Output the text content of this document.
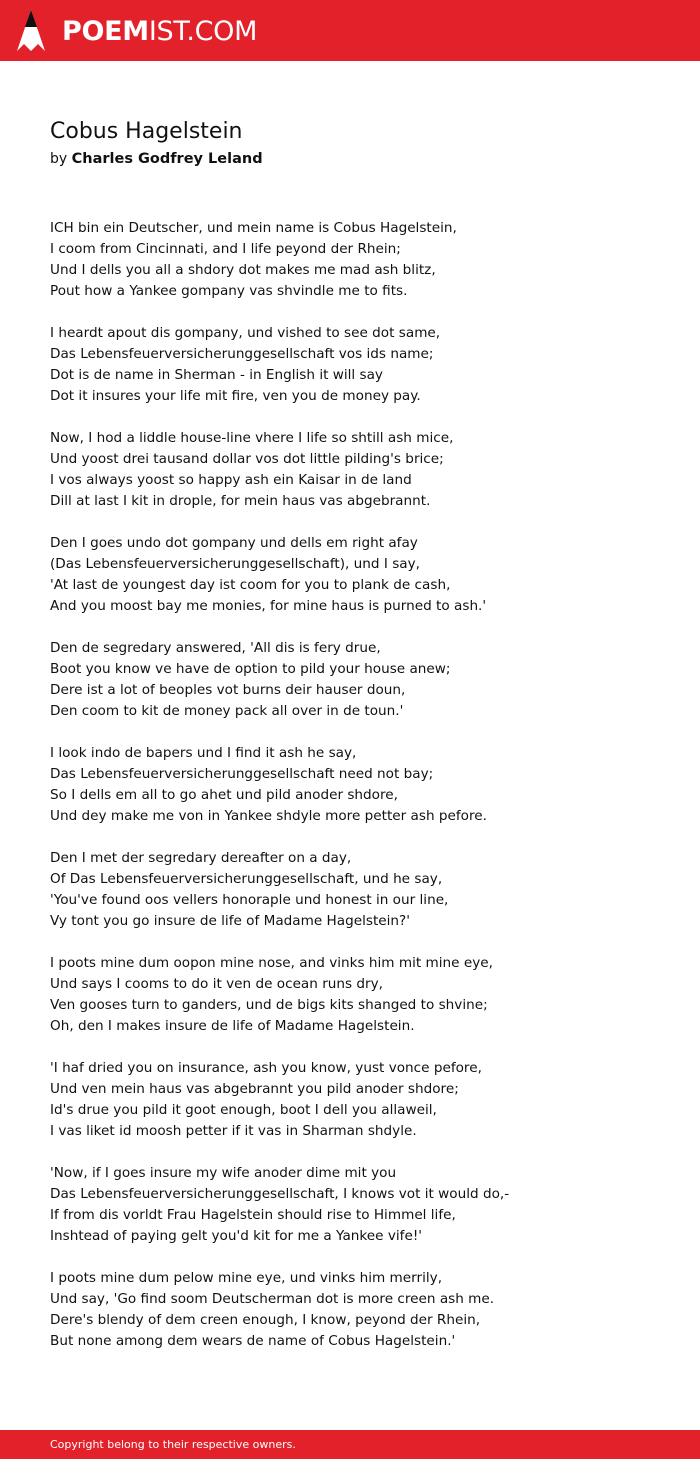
POEMIST.COM
Cobus Hagelstein
by Charles Godfrey Leland

ICH bin ein Deutscher, und mein name is Cobus Hagelstein,
I coom from Cincinnati, and I life peyond der Rhein;
Und I dells you all a shdory dot makes me mad ash blitz,
Pout how a Yankee gompany vas shvindle me to fits.

I heardt apout dis gompany, und vished to see dot same,
Das Lebensfeuerversicherunggesellschaft vos ids name;
Dot is de name in Sherman - in English it will say
Dot it insures your life mit fire, ven you de money pay.

Now, I hod a liddle house-line vhere I life so shtill ash mice,
Und yoost drei tausand dollar vos dot little pilding's brice;
I vos always yoost so happy ash ein Kaisar in de land
Dill at last I kit in drople, for mein haus vas abgebrannt.

Den I goes undo dot gompany und dells em right afay
(Das Lebensfeuerversicherunggesellschaft), und I say,
'At last de youngest day ist coom for you to plank de cash,
And you moost bay me monies, for mine haus is purned to ash.'

Den de segredary answered, 'All dis is fery drue,
Boot you know ve have de option to pild your house anew;
Dere ist a lot of beoples vot burns deir hauser doun,
Den coom to kit de money pack all over in de toun.'

I look indo de bapers und I find it ash he say,
Das Lebensfeuerversicherunggesellschaft need not bay;
So I dells em all to go ahet und pild anoder shdore,
Und dey make me von in Yankee shdyle more petter ash pefore.

Den I met der segredary dereafter on a day,
Of Das Lebensfeuerversicherunggesellschaft, und he say,
'You've found oos vellers honoraple und honest in our line,
Vy tont you go insure de life of Madame Hagelstein?'

I poots mine dum oopon mine nose, and vinks him mit mine eye,
Und says I cooms to do it ven de ocean runs dry,
Ven gooses turn to ganders, und de bigs kits shanged to shvine;
Oh, den I makes insure de life of Madame Hagelstein.

'I haf dried you on insurance, ash you know, yust vonce pefore,
Und ven mein haus vas abgebrannt you pild anoder shdore;
Id's drue you pild it goot enough, boot I dell you allaweil,
I vas liket id moosh petter if it vas in Sharman shdyle.

'Now, if I goes insure my wife anoder dime mit you
Das Lebensfeuerversicherunggesellschaft, I knows vot it would do,-
If from dis vorldt Frau Hagelstein should rise to Himmel life,
Inshtead of paying gelt you'd kit for me a Yankee vife!'

I poots mine dum pelow mine eye, und vinks him merrily,
Und say, 'Go find soom Deutscherman dot is more creen ash me.
Dere's blendy of dem creen enough, I know, peyond der Rhein,
But none among dem wears de name of Cobus Hagelstein.'

Copyright belong to their respective owners.
